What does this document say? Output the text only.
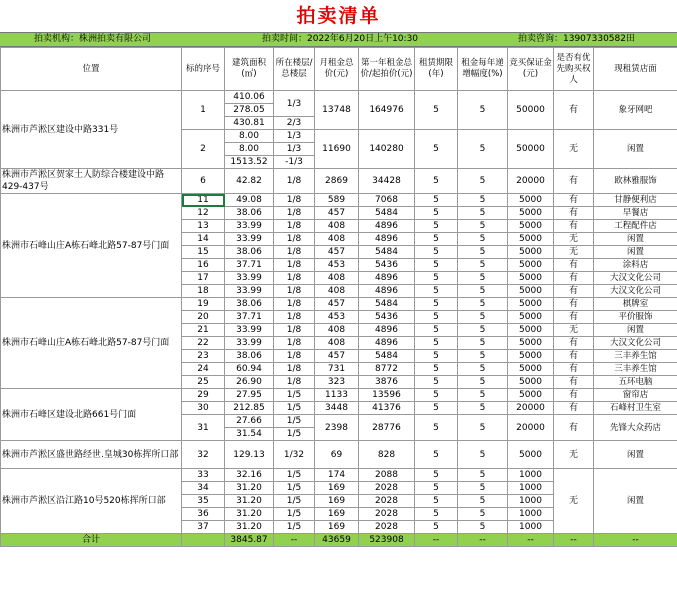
拍卖清单
拍卖机构：株洲拍卖有限公司	拍卖时间：2022年6月20日上午10:30	拍卖咨询：13907330582田
位置	标的序号	建筑面积(㎡)	所在楼层/总楼层	月租金总价(元)	第一年租金总价/起拍价(元)	租赁期限(年)	租金每年递增幅度(%)	竞买保证金(元)	是否有优先购买权人	现租赁店面
株洲市芦淞区建设中路331号	1	410.06	1/3	13748	164976	5	5	50000	有	象牙网吧
		278.05								
		430.81	2/3							
	2	8.00	1/3	11690	140280	5	5	50000	无	闲置
		8.00	1/3							
		1513.52	-1/3							
株洲市芦淞区贺家土人防综合楼建设中路429-437号	6	42.82	1/8	2869	34428	5	5	20000	有	欧林雅服饰
株洲市石峰山庄A栋石峰北路57-87号门面	11	49.08	1/8	589	7068	5	5	5000	有	甘静便利店
	12	38.06	1/8	457	5484	5	5	5000	有	早餐店
	13	33.99	1/8	408	4896	5	5	5000	有	工程配件店
	14	33.99	1/8	408	4896	5	5	5000	无	闲置
	15	38.06	1/8	457	5484	5	5	5000	无	闲置
	16	37.71	1/8	453	5436	5	5	5000	有	涂料店
	17	33.99	1/8	408	4896	5	5	5000	有	大汉文化公司
	18	33.99	1/8	408	4896	5	5	5000	有	大汉文化公司
株洲市石峰山庄A栋石峰北路57-87号门面	19	38.06	1/8	457	5484	5	5	5000	有	棋牌室
	20	37.71	1/8	453	5436	5	5	5000	有	平价服饰
	21	33.99	1/8	408	4896	5	5	5000	无	闲置
	22	33.99	1/8	408	4896	5	5	5000	有	大汉文化公司
	23	38.06	1/8	457	5484	5	5	5000	有	三丰养生馆
	24	60.94	1/8	731	8772	5	5	5000	有	三丰养生馆
	25	26.90	1/8	323	3876	5	5	5000	有	五环电脑
株洲市石峰区建设北路661号门面	29	27.95	1/5	1133	13596	5	5	5000	有	窗帘店
	30	212.85	1/5	3448	41376	5	5	20000	有	石峰村卫生室
	31	27.66	1/5	2398	28776	5	5	20000	有	先锋大众药店
		31.54	1/5							
株洲市芦淞区盛世路经世.皇城30栋挥所口部	32	129.13	1/32	69	828	5	5	5000	无	闲置
株洲市芦淞区沿江路10号520栋挥所口部	33	32.16	1/5	174	2088	5	5	1000	无	闲置
	34	31.20	1/5	169	2028	5	5	1000		
	35	31.20	1/5	169	2028	5	5	1000		
	36	31.20	1/5	169	2028	5	5	1000		
	37	31.20	1/5	169	2028	5	5	1000		
合计		3845.87	--	43659	523908	--	--	--	--	--
